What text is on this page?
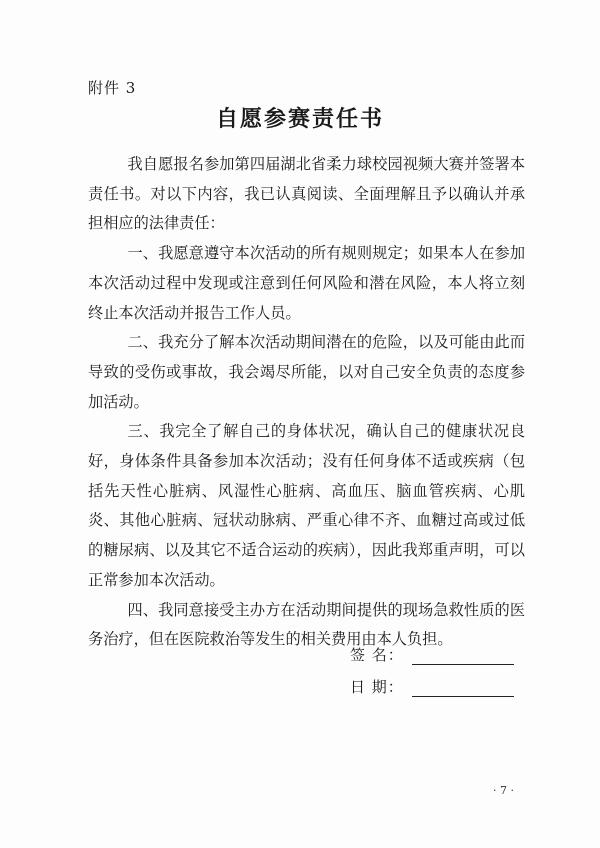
附件 3
自愿参赛责任书

我自愿报名参加第四届湖北省柔力球校园视频大赛并签署本责任书。对以下内容，我已认真阅读、全面理解且予以确认并承担相应的法律责任：

一、我愿意遵守本次活动的所有规则规定；如果本人在参加本次活动过程中发现或注意到任何风险和潜在风险，本人将立刻终止本次活动并报告工作人员。

二、我充分了解本次活动期间潜在的危险，以及可能由此而导致的受伤或事故，我会竭尽所能，以对自己安全负责的态度参加活动。

三、我完全了解自己的身体状况，确认自己的健康状况良好，身体条件具备参加本次活动；没有任何身体不适或疾病（包括先天性心脏病、风湿性心脏病、高血压、脑血管疾病、心肌炎、其他心脏病、冠状动脉病、严重心律不齐、血糖过高或过低的糖尿病、以及其它不适合运动的疾病），因此我郑重声明，可以正常参加本次活动。

四、我同意接受主办方在活动期间提供的现场急救性质的医务治疗，但在医院救治等发生的相关费用由本人负担。

签 名：
日 期：
· 7 ·
